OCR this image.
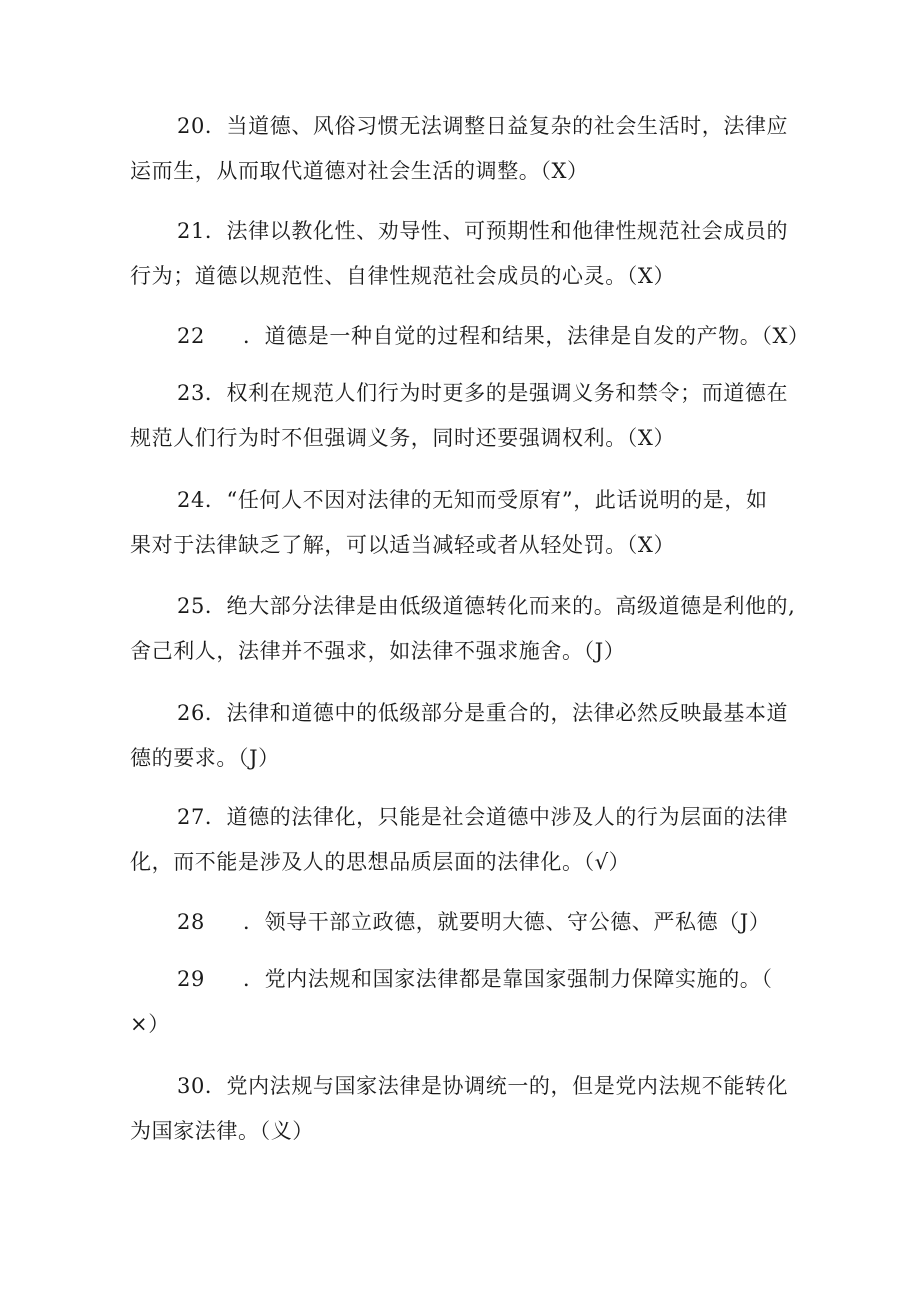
20．当道德、风俗习惯无法调整日益复杂的社会生活时，法律应
运而生，从而取代道德对社会生活的调整。（X）
21．法律以教化性、劝导性、可预期性和他律性规范社会成员的
行为；道德以规范性、自律性规范社会成员的心灵。（X）
22 ．道德是一种自觉的过程和结果，法律是自发的产物。（X）
23．权利在规范人们行为时更多的是强调义务和禁令；而道德在
规范人们行为时不但强调义务，同时还要强调权利。（X）
24．“任何人不因对法律的无知而受原宥”，此话说明的是，如
果对于法律缺乏了解，可以适当减轻或者从轻处罚。（X）
25．绝大部分法律是由低级道德转化而来的。高级道德是利他的,
舍己利人，法律并不强求，如法律不强求施舍。（J）
26．法律和道德中的低级部分是重合的，法律必然反映最基本道
德的要求。（J）
27．道德的法律化，只能是社会道德中涉及人的行为层面的法律
化，而不能是涉及人的思想品质层面的法律化。（√）
28 ．领导干部立政德，就要明大德、守公德、严私德（J）
29 ．党内法规和国家法律都是靠国家强制力保障实施的。（
×）
30．党内法规与国家法律是协调统一的，但是党内法规不能转化
为国家法律。（义）
